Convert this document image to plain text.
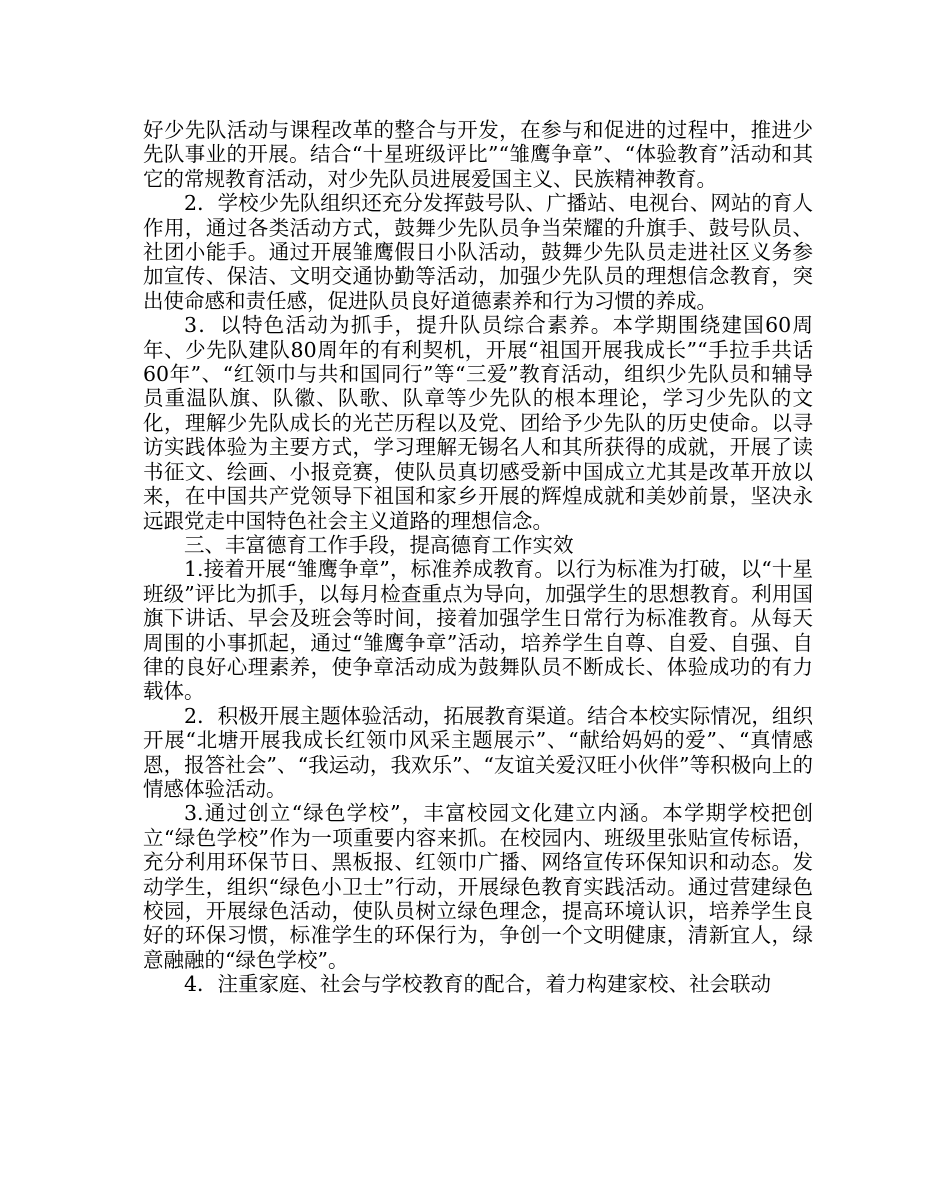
好少先队活动与课程改革的整合与开发，在参与和促进的过程中，推进少先队事业的开展。结合“十星班级评比”“雏鹰争章”、“体验教育”活动和其它的常规教育活动，对少先队员进展爱国主义、民族精神教育。

2．学校少先队组织还充分发挥鼓号队、广播站、电视台、网站的育人作用，通过各类活动方式，鼓舞少先队员争当荣耀的升旗手、鼓号队员、社团小能手。通过开展雏鹰假日小队活动，鼓舞少先队员走进社区义务参加宣传、保洁、文明交通协勤等活动，加强少先队员的理想信念教育，突出使命感和责任感，促进队员良好道德素养和行为习惯的养成。

3．以特色活动为抓手，提升队员综合素养。本学期围绕建国60周年、少先队建队80周年的有利契机，开展“祖国开展我成长”“手拉手共话60年”、“红领巾与共和国同行”等“三爱”教育活动，组织少先队员和辅导员重温队旗、队徽、队歌、队章等少先队的根本理论，学习少先队的文化，理解少先队成长的光芒历程以及党、团给予少先队的历史使命。以寻访实践体验为主要方式，学习理解无锡名人和其所获得的成就，开展了读书征文、绘画、小报竞赛，使队员真切感受新中国成立尤其是改革开放以来，在中国共产党领导下祖国和家乡开展的辉煌成就和美妙前景，坚决永远跟党走中国特色社会主义道路的理想信念。

三、丰富德育工作手段，提高德育工作实效

1.接着开展“雏鹰争章”，标准养成教育。以行为标准为打破，以“十星班级”评比为抓手，以每月检查重点为导向，加强学生的思想教育。利用国旗下讲话、早会及班会等时间，接着加强学生日常行为标准教育。从每天周围的小事抓起，通过“雏鹰争章”活动，培养学生自尊、自爱、自强、自律的良好心理素养，使争章活动成为鼓舞队员不断成长、体验成功的有力载体。

2．积极开展主题体验活动，拓展教育渠道。结合本校实际情况，组织开展“北塘开展我成长红领巾风采主题展示”、“献给妈妈的爱”、“真情感恩，报答社会”、“我运动，我欢乐”、“友谊关爱汉旺小伙伴”等积极向上的情感体验活动。

3.通过创立“绿色学校”，丰富校园文化建立内涵。本学期学校把创立“绿色学校”作为一项重要内容来抓。在校园内、班级里张贴宣传标语，充分利用环保节日、黑板报、红领巾广播、网络宣传环保知识和动态。发动学生，组织“绿色小卫士”行动，开展绿色教育实践活动。通过营建绿色校园，开展绿色活动，使队员树立绿色理念，提高环境认识，培养学生良好的环保习惯，标准学生的环保行为，争创一个文明健康，清新宜人，绿意融融的“绿色学校”。

4．注重家庭、社会与学校教育的配合，着力构建家校、社会联动
